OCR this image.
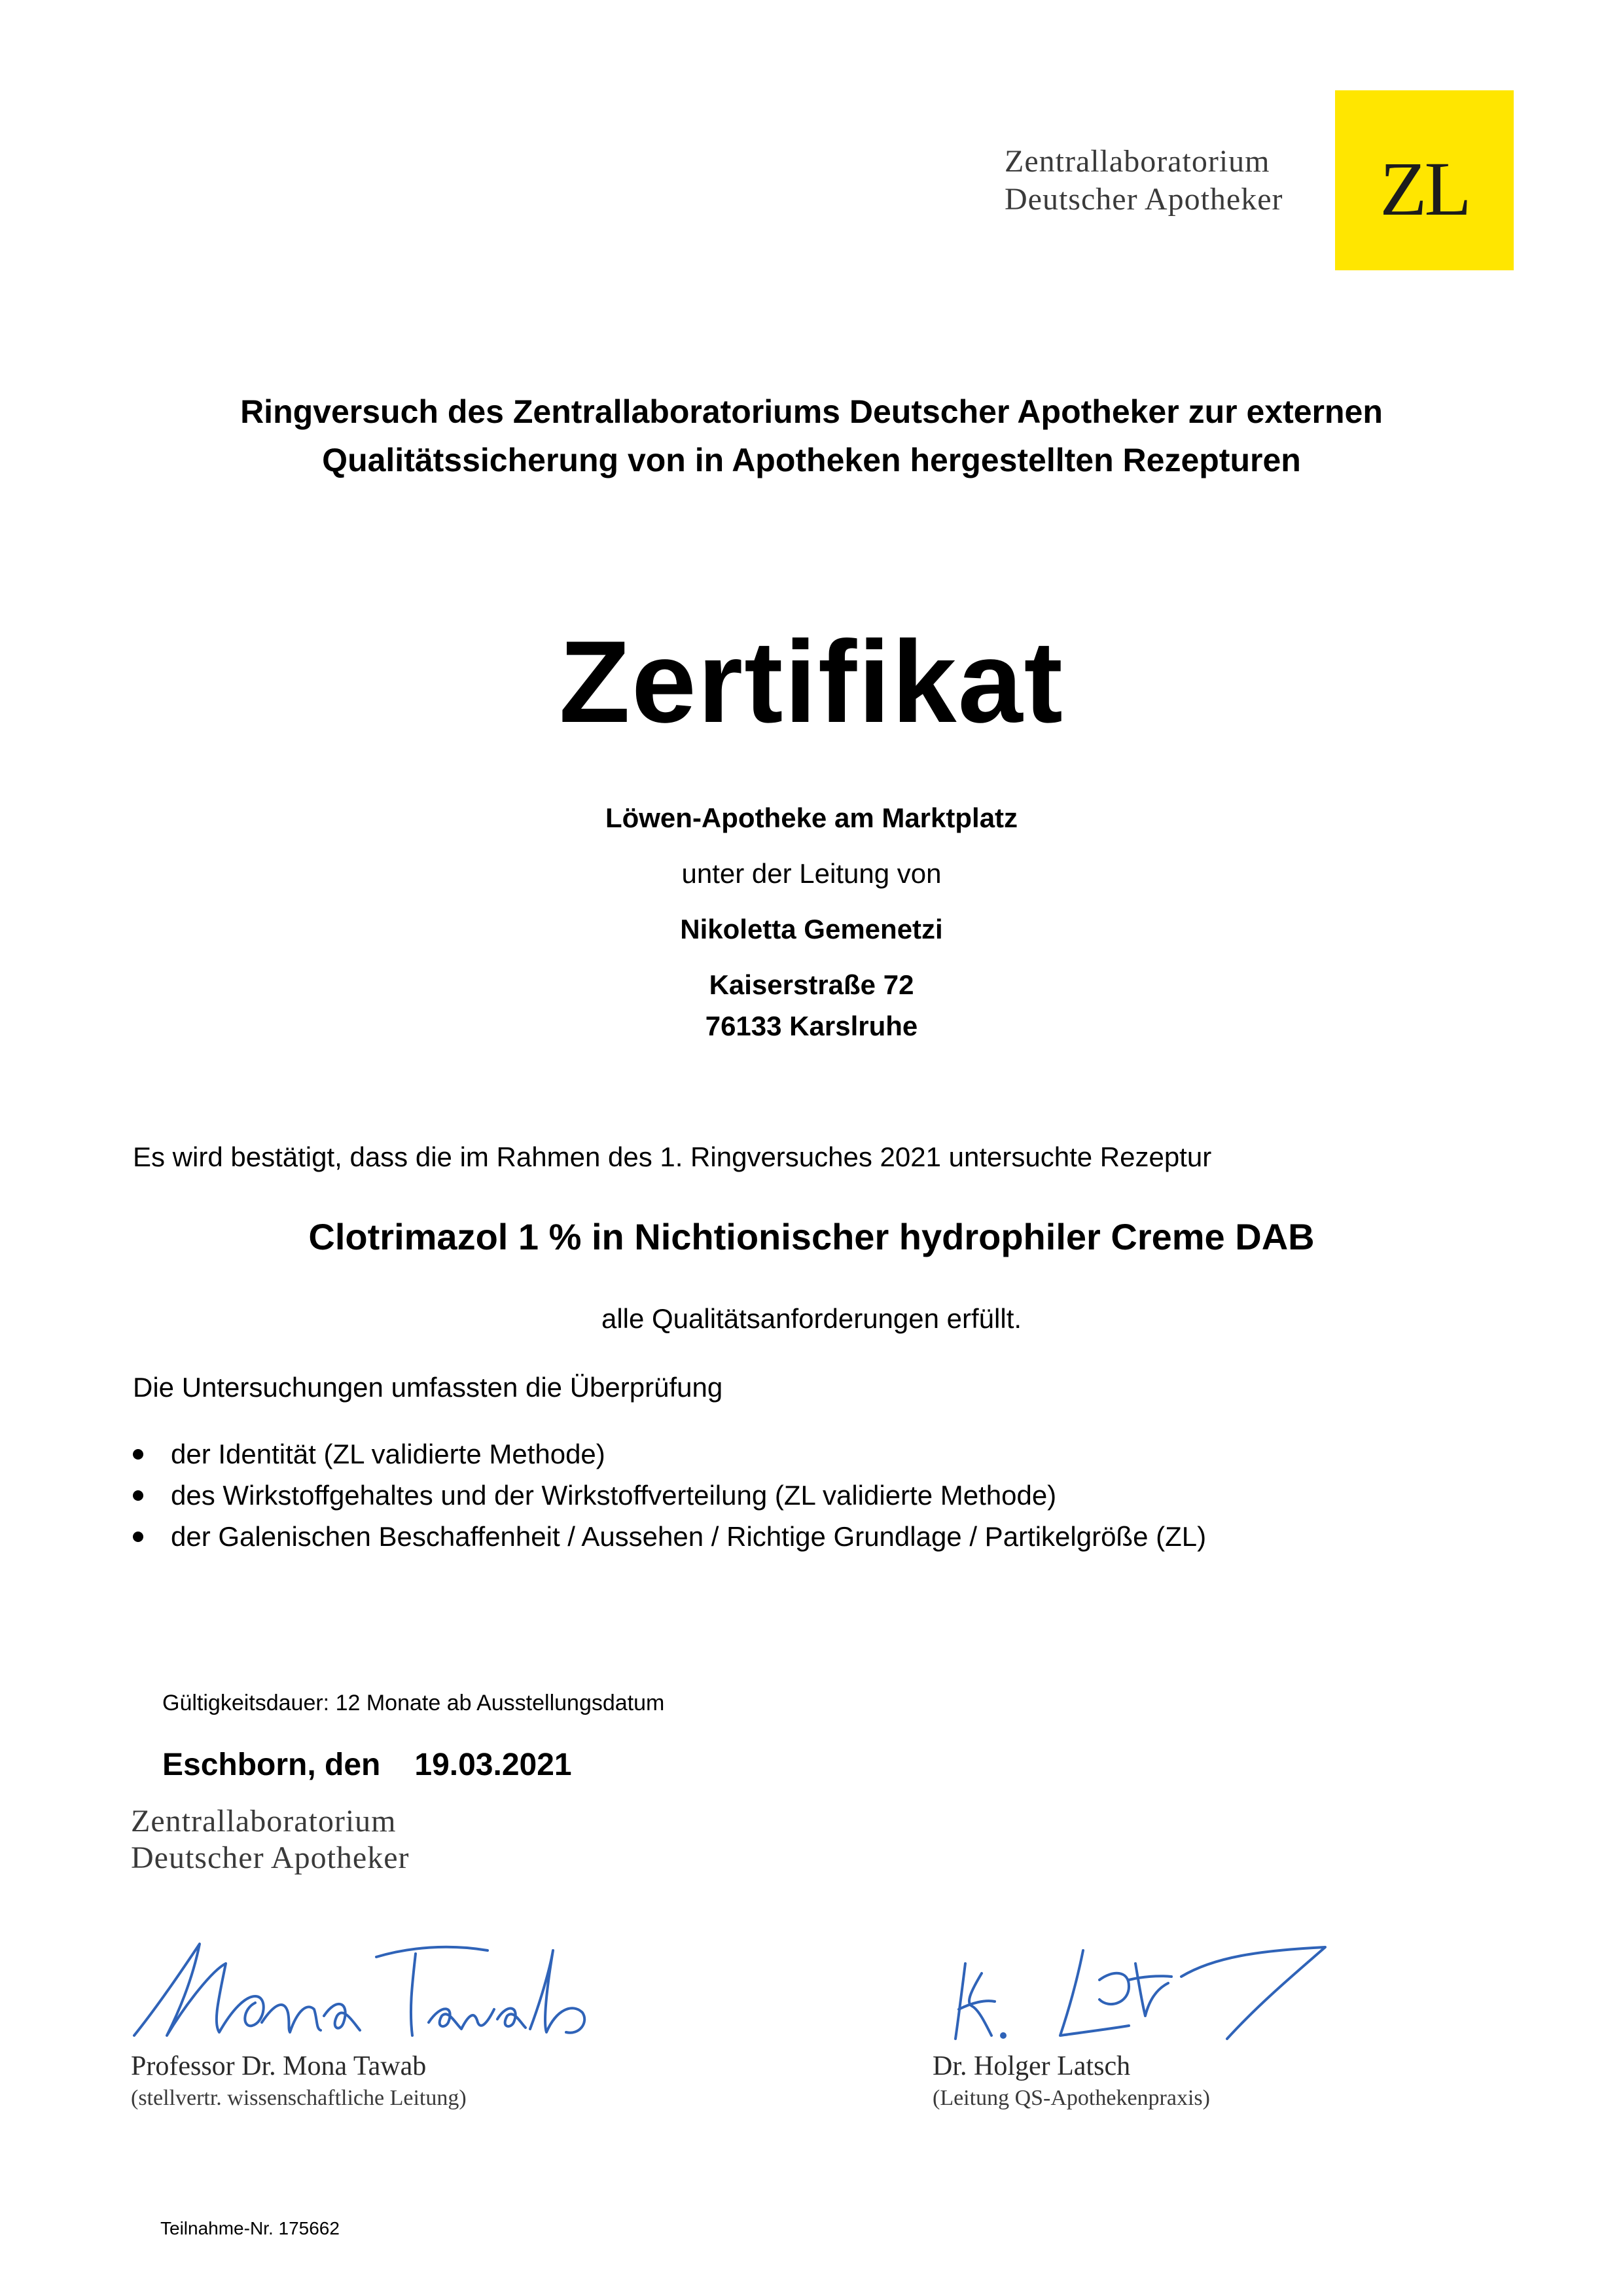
Zentrallaboratorium
Deutscher Apotheker	ZL
Ringversuch des Zentrallaboratoriums Deutscher Apotheker zur externen
Qualitätssicherung von in Apotheken hergestellten Rezepturen
Zertifikat
Löwen-Apotheke am Marktplatz
unter der Leitung von
Nikoletta Gemenetzi
Kaiserstraße 72
76133 Karslruhe
Es wird bestätigt, dass die im Rahmen des 1. Ringversuches 2021 untersuchte Rezeptur
Clotrimazol 1 % in Nichtionischer hydrophiler Creme DAB
alle Qualitätsanforderungen erfüllt.
Die Untersuchungen umfassten die Überprüfung
der Identität (ZL validierte Methode)
des Wirkstoffgehaltes und der Wirkstoffverteilung (ZL validierte Methode)
der Galenischen Beschaffenheit / Aussehen / Richtige Grundlage / Partikelgröße (ZL)
Gültigkeitsdauer: 12 Monate ab Ausstellungsdatum
Eschborn, den 19.03.2021
Zentrallaboratorium
Deutscher Apotheker
Professor Dr. Mona Tawab
(stellvertr. wissenschaftliche Leitung)
Dr. Holger Latsch
(Leitung QS-Apothekenpraxis)
Teilnahme-Nr. 175662
